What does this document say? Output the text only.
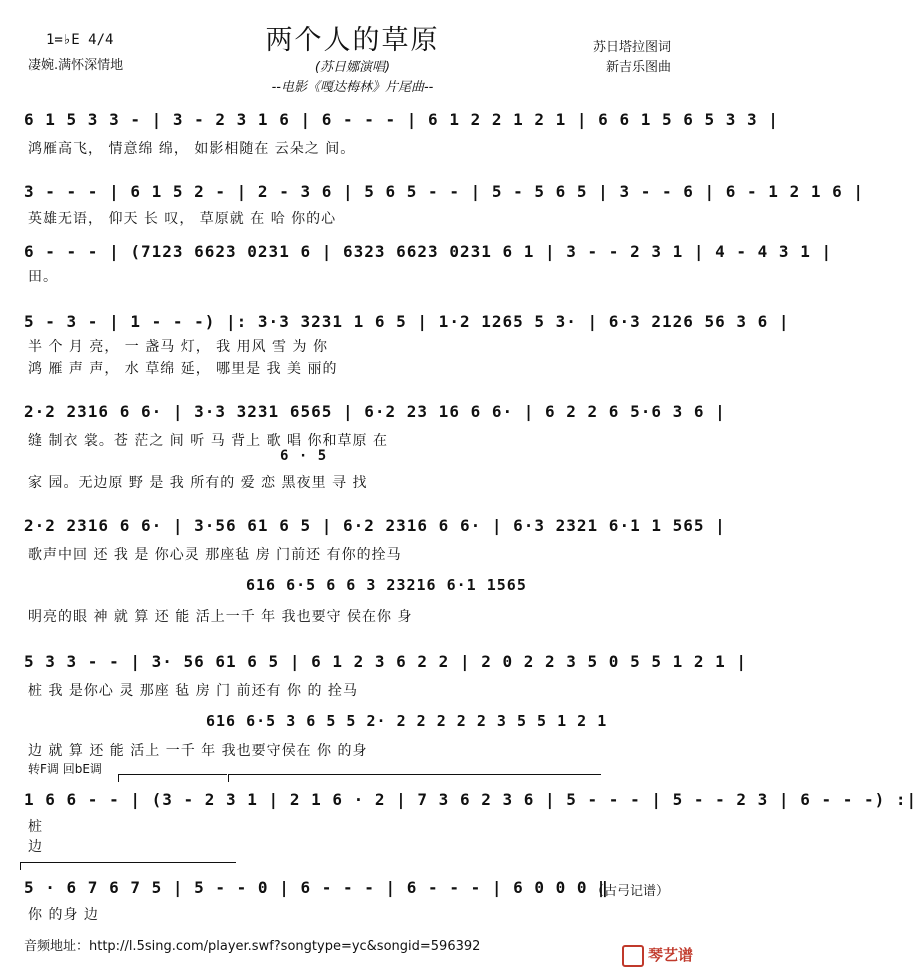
两个人的草原
1=♭E 4/4
凄婉.满怀深情地
苏日塔拉图词
新吉乐图曲
(苏日娜演唱)
--电影《嘎达梅林》片尾曲--
6 1 5 3 3 - | 3 - 2 3 1 6 | 6 - - - | 6 1 2 2 1 2 1 | 6 6 1 5 6 5 3 3 |
鸿雁高飞， 情意绵 绵， 如影相随在 云朵之 间。
3 - - - | 6 1 5 2 - | 2 - 3 6 | 5 6 5 - - | 5 - 5 6 5 | 3 - - 6 | 6 - 1 2 1 6 |
英雄无语， 仰天 长 叹， 草原就 在 哈 你的心
6 - - - | (7123 6623 0231 6 | 6323 6623 0231 6 1 | 3 - - 2 3 1 | 4 - 4 3 1 |
田。
5 - 3 - | 1 - - -) |: 3·3 3231 1 6 5 | 1·2 1265 5 3· | 6·3 2126 56 3 6 |
半 个 月 亮， 一 盏马 灯， 我 用风 雪 为 你
鸿 雁 声 声， 水 草绵 延， 哪里是 我 美 丽的
2·2 2316 6 6· | 3·3 3231 6565 | 6·2 23 16 6 6· | 6 2 2 6 5·6 3 6 |
缝 制衣 裳。苍 茫之 间 听 马 背上 歌 唱 你和草原 在
6 · 5
家 园。无边原 野 是 我 所有的 爱 恋 黑夜里 寻 找
2·2 2316 6 6· | 3·56 61 6 5 | 6·2 2316 6 6· | 6·3 2321 6·1 1 565 |
歌声中回 还 我 是 你心灵 那座毡 房 门前还 有你的拴马
616 6·5 6 6 3 23216 6·1 1565
明亮的眼 神 就 算 还 能 活上一千 年 我也要守 侯在你 身
5 3 3 - - | 3· 56 61 6 5 | 6 1 2 3 6 2 2 | 2 0 2 2 3 5 0 5 5 1 2 1 |
桩 我 是你心 灵 那座 毡 房 门 前还有 你 的 拴马
616 6·5 3 6 5 5 2· 2 2 2 2 2 3 5 5 1 2 1
边 就 算 还 能 活上 一千 年 我也要守侯在 你 的身
转F调 回bE调
1 6 6 - - | (3 - 2 3 1 | 2 1 6 · 2 | 7 3 6 2 3 6 | 5 - - - | 5 - - 2 3 | 6 - - -) :|
桩
边
5 · 6 7 6 7 5 | 5 - - 0 | 6 - - - | 6 - - - | 6 0 0 0 ‖
你 的身 边
（古弓记谱）
音频地址：http://l.5sing.com/player.swf?songtype=yc&songid=596392	琴艺谱
